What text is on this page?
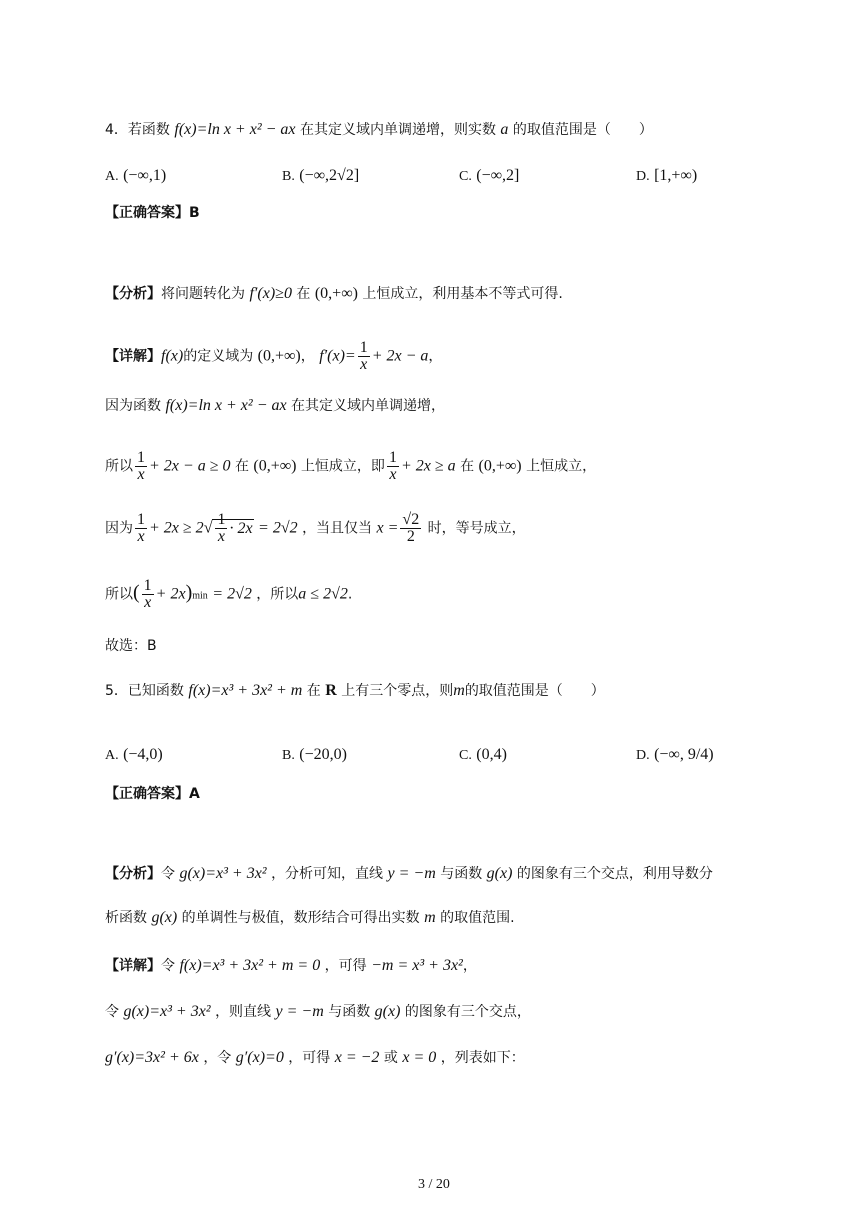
4．若函数 f(x)=ln x + x² − ax 在其定义域内单调递增，则实数 a 的取值范围是（　　）
A. (−∞,1)	B. (−∞,2√2]	C. (−∞,2]	D. [1,+∞)
【正确答案】B
【分析】将问题转化为 f′(x)≥0 在 (0,+∞) 上恒成立，利用基本不等式可得.
【详解】f(x)的定义域为 (0,+∞)， $f'(x)= \frac{1}{x} + 2x - a$，
因为函数 f(x)=ln x + x² − ax 在其定义域内单调递增，
所以 $\frac{1}{x} + 2x - a \ge 0$ 在 (0,+∞) 上恒成立，即 $\frac{1}{x} + 2x \ge a$ 在 (0,+∞) 上恒成立，
因为 $\frac{1}{x} + 2x \ge 2√ \frac{1}{x} \cdot 2x = 2√2$ ，当且仅当 $x = \frac{√2}{2}$ 时，等号成立，
所以( $\frac{1}{x} + 2x)\min = 2√2$ ，所以a ≤ 2√2.
故选：B
5．已知函数 f(x)=x³ + 3x² + m 在 R 上有三个零点，则m的取值范围是（　　）
A. (−4,0)	B. (−20,0)	C. (0,4)	D. (−∞, 9/4)
【正确答案】A
【分析】令 g(x)=x³ + 3x² ，分析可知，直线 y = −m 与函数 g(x) 的图象有三个交点，利用导数分
析函数 g(x) 的单调性与极值，数形结合可得出实数 m 的取值范围.
【详解】令 f(x)=x³ + 3x² + m = 0 ，可得 −m = x³ + 3x²，
令 g(x)=x³ + 3x² ，则直线 y = −m 与函数 g(x) 的图象有三个交点，
g′(x)=3x² + 6x ，令 g′(x)=0 ，可得 x = −2 或 x = 0 ，列表如下：
3 / 20
